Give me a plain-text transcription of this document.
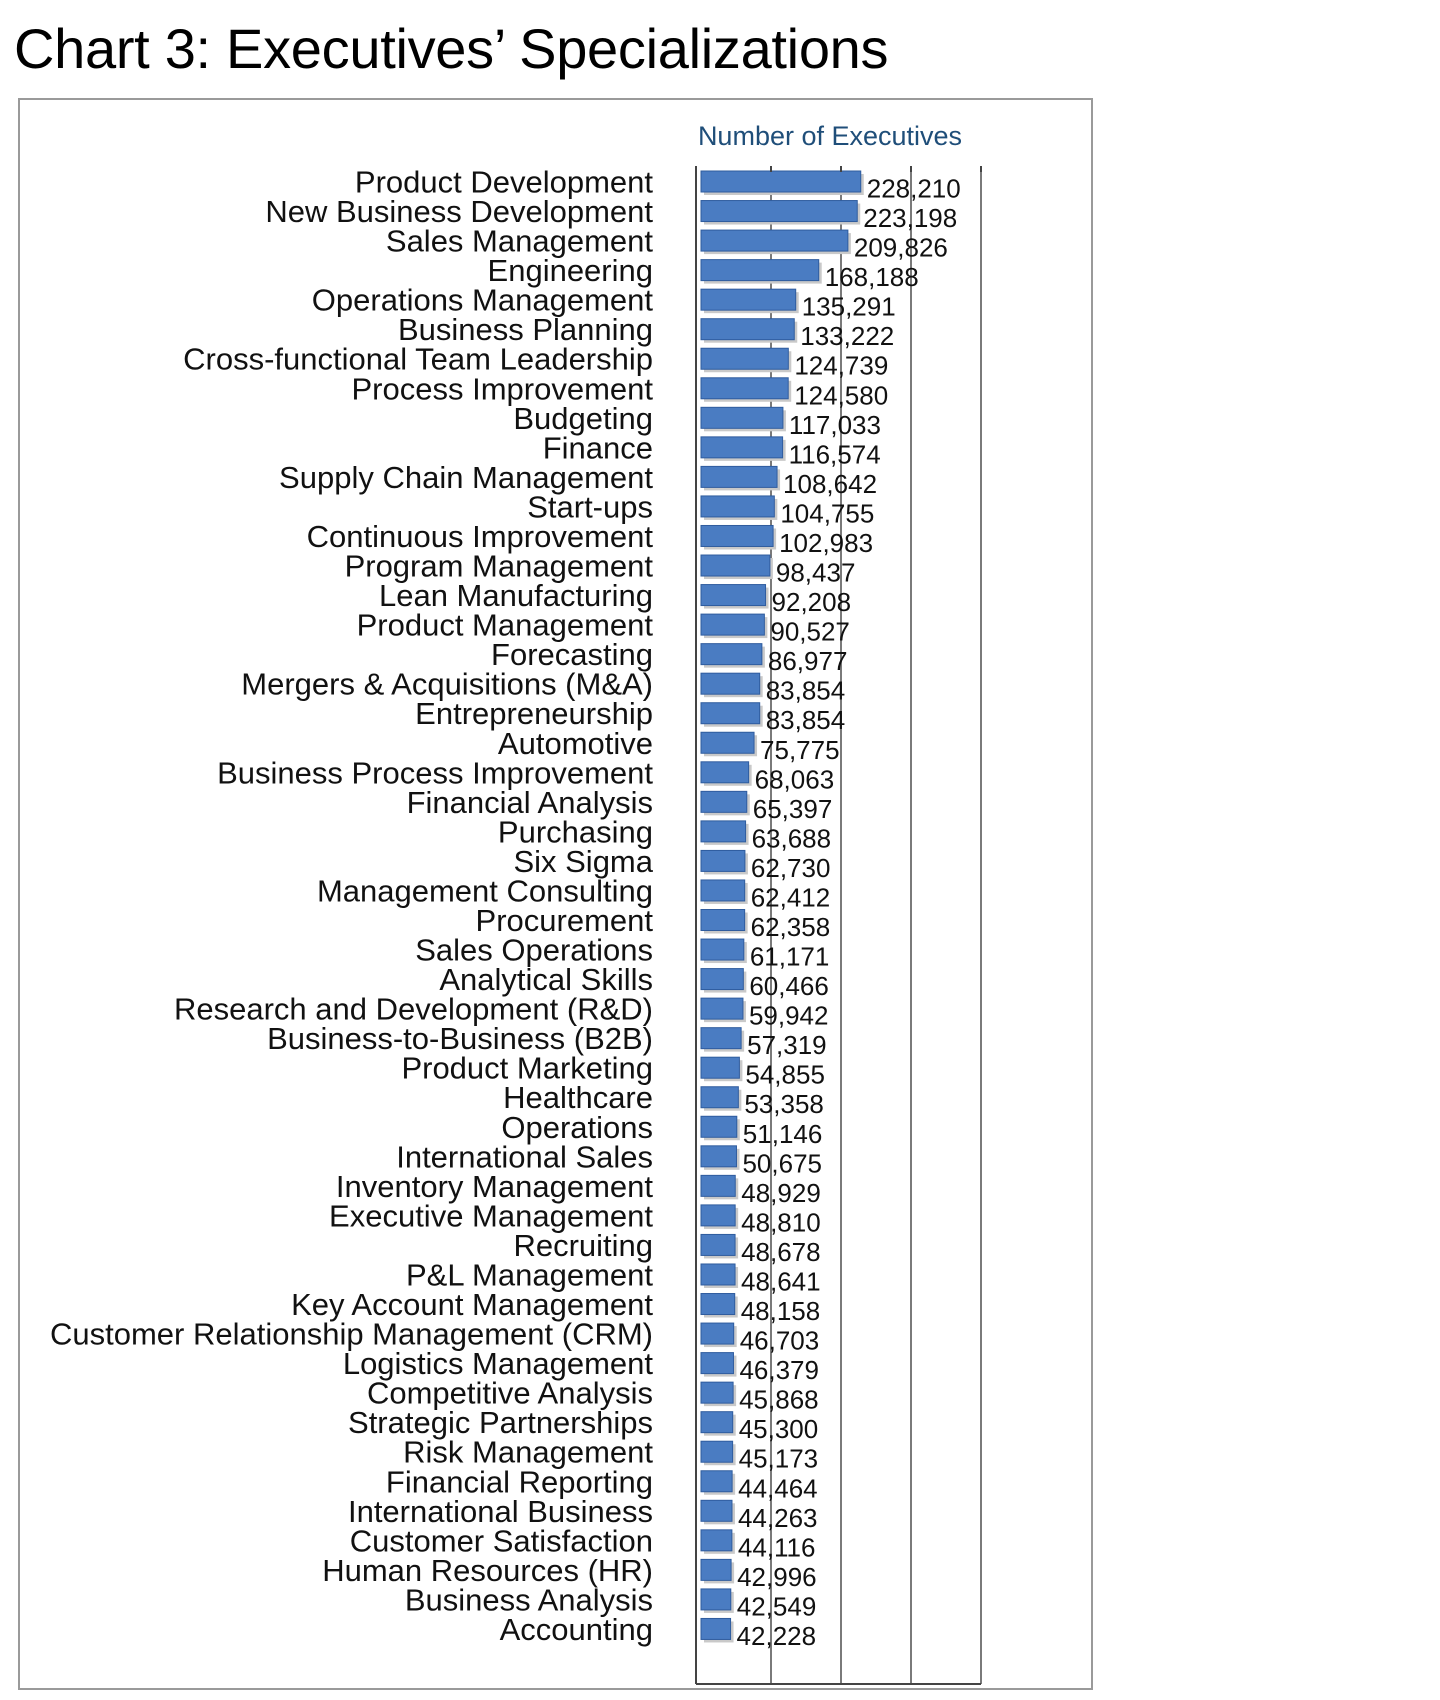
Chart 3: Executives’ Specializations
Number of Executives
Product Development	228,210
New Business Development	223,198
Sales Management	209,826
Engineering	168,188
Operations Management	135,291
Business Planning	133,222
Cross-functional Team Leadership	124,739
Process Improvement	124,580
Budgeting	117,033
Finance	116,574
Supply Chain Management	108,642
Start-ups	104,755
Continuous Improvement	102,983
Program Management	98,437
Lean Manufacturing	92,208
Product Management	90,527
Forecasting	86,977
Mergers & Acquisitions (M&A)	83,854
Entrepreneurship	83,854
Automotive	75,775
Business Process Improvement	68,063
Financial Analysis	65,397
Purchasing	63,688
Six Sigma	62,730
Management Consulting	62,412
Procurement	62,358
Sales Operations	61,171
Analytical Skills	60,466
Research and Development (R&D)	59,942
Business-to-Business (B2B)	57,319
Product Marketing	54,855
Healthcare	53,358
Operations	51,146
International Sales	50,675
Inventory Management	48,929
Executive Management	48,810
Recruiting	48,678
P&L Management	48,641
Key Account Management	48,158
Customer Relationship Management (CRM)	46,703
Logistics Management	46,379
Competitive Analysis	45,868
Strategic Partnerships	45,300
Risk Management	45,173
Financial Reporting	44,464
International Business	44,263
Customer Satisfaction	44,116
Human Resources (HR)	42,996
Business Analysis	42,549
Accounting	42,228
